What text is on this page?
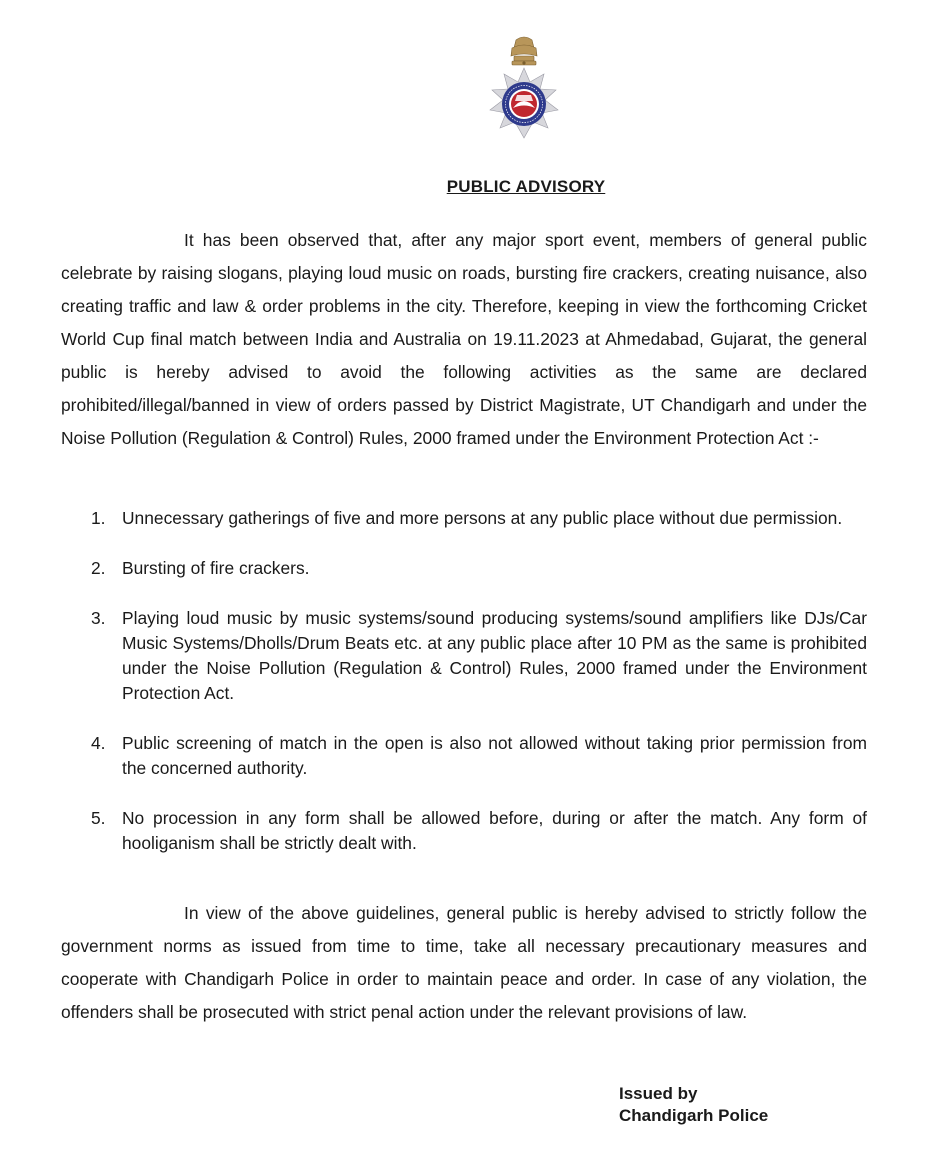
PUBLIC ADVISORY

It has been observed that, after any major sport event, members of general public celebrate by raising slogans, playing loud music on roads, bursting fire crackers, creating nuisance, also creating traffic and law & order problems in the city. Therefore, keeping in view the forthcoming Cricket World Cup final match between India and Australia on 19.11.2023 at Ahmedabad, Gujarat, the general public is hereby advised to avoid the following activities as the same are declared prohibited/illegal/banned in view of orders passed by District Magistrate, UT Chandigarh and under the Noise Pollution (Regulation & Control) Rules, 2000 framed under the Environment Protection Act :-

1. Unnecessary gatherings of five and more persons at any public place without due permission.
2. Bursting of fire crackers.
3. Playing loud music by music systems/sound producing systems/sound amplifiers like DJs/Car Music Systems/Dholls/Drum Beats etc. at any public place after 10 PM as the same is prohibited under the Noise Pollution (Regulation & Control) Rules, 2000 framed under the Environment Protection Act.
4. Public screening of match in the open is also not allowed without taking prior permission from the concerned authority.
5. No procession in any form shall be allowed before, during or after the match. Any form of hooliganism shall be strictly dealt with.

In view of the above guidelines, general public is hereby advised to strictly follow the government norms as issued from time to time, take all necessary precautionary measures and cooperate with Chandigarh Police in order to maintain peace and order. In case of any violation, the offenders shall be prosecuted with strict penal action under the relevant provisions of law.

Issued by
Chandigarh Police
